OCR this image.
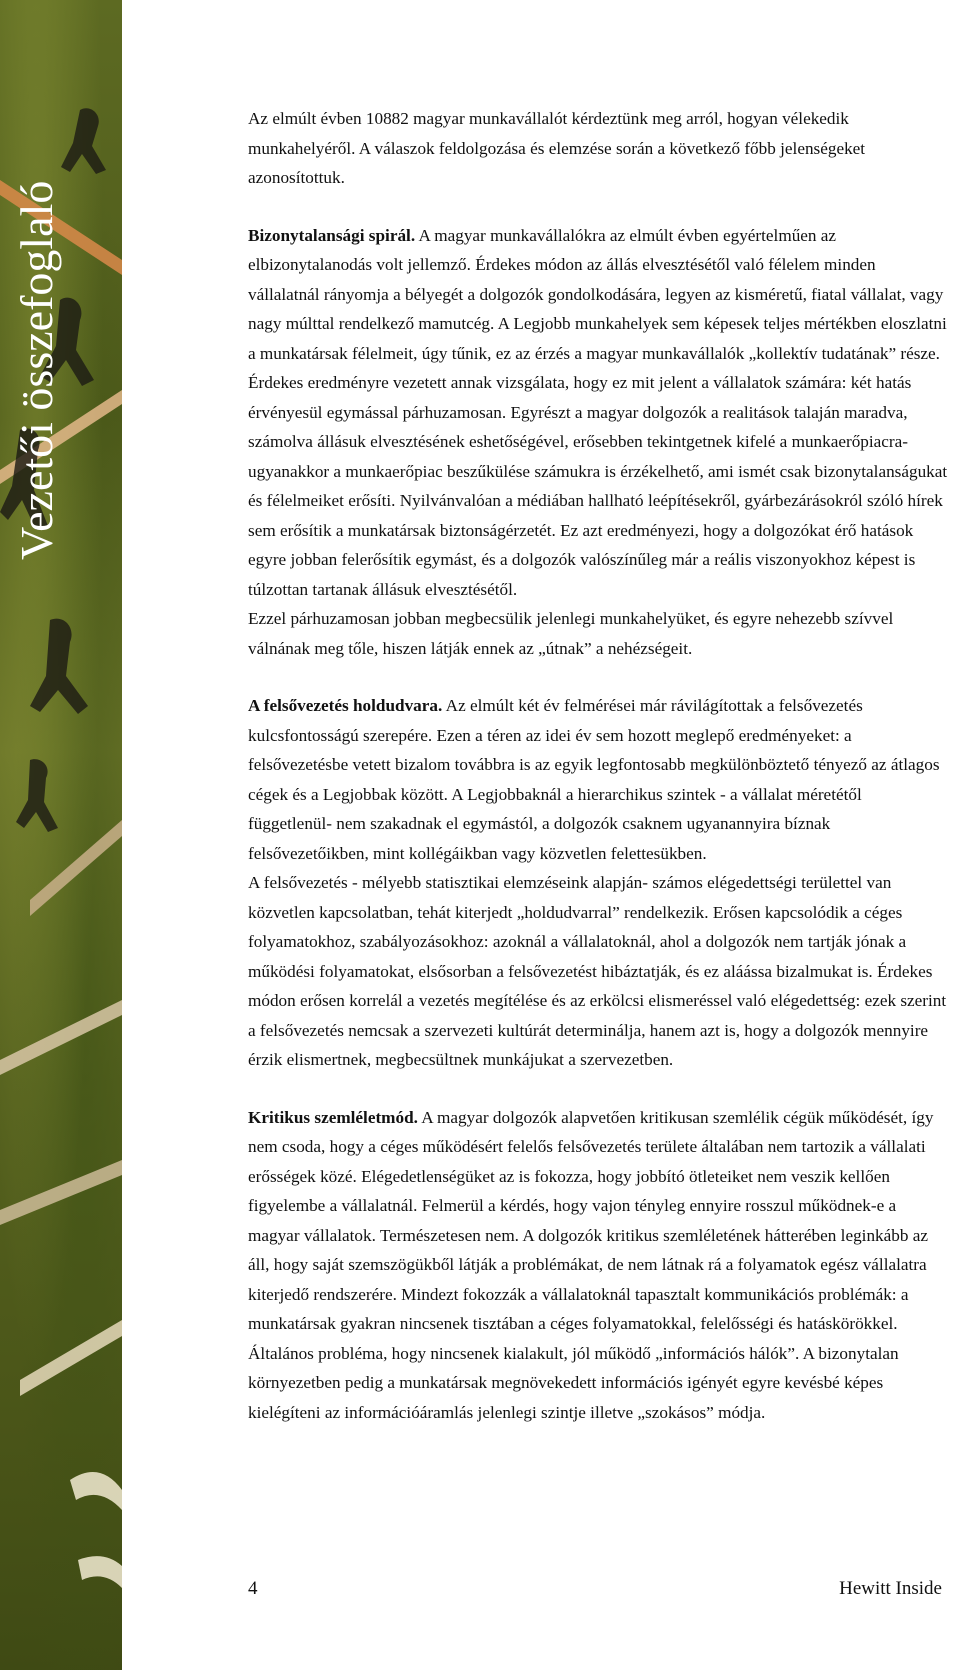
Vezetői összefoglaló

Az elmúlt évben 10882 magyar munkavállalót kérdeztünk meg arról, hogyan vélekedik munkahelyéről. A válaszok feldolgozása és elemzése során a következő főbb jelenségeket azonosítottuk.

Bizonytalansági spirál. A magyar munkavállalókra az elmúlt évben egyértelműen az elbizonytalanodás volt jellemző. Érdekes módon az állás elvesztésétől való félelem minden vállalatnál rányomja a bélyegét a dolgozók gondolkodására, legyen az kisméretű, fiatal vállalat, vagy nagy múlttal rendelkező mamutcég. A Legjobb munkahelyek sem képesek teljes mértékben eloszlatni a munkatársak félelmeit, úgy tűnik, ez az érzés a magyar munkavállalók „kollektív tudatának” része.

Érdekes eredményre vezetett annak vizsgálata, hogy ez mit jelent a vállalatok számára: két hatás érvényesül egymással párhuzamosan. Egyrészt a magyar dolgozók a realitások talaján maradva, számolva állásuk elvesztésének eshetőségével, erősebben tekintgetnek kifelé a munkaerőpiacra- ugyanakkor a munkaerőpiac beszűkülése számukra is érzékelhető, ami ismét csak bizonytalanságukat és félelmeiket erősíti. Nyilvánvalóan a médiában hallható leépítésekről, gyárbezárásokról szóló hírek sem erősítik a munkatársak biztonságérzetét. Ez azt eredményezi, hogy a dolgozókat érő hatások egyre jobban felerősítik egymást, és a dolgozók valószínűleg már a reális viszonyokhoz képest is túlzottan tartanak állásuk elvesztésétől.

Ezzel párhuzamosan jobban megbecsülik jelenlegi munkahelyüket, és egyre nehezebb szívvel válnának meg tőle, hiszen látják ennek az „útnak” a nehézségeit.

A felsővezetés holdudvara. Az elmúlt két év felmérései már rávilágítottak a felsővezetés kulcsfontosságú szerepére. Ezen a téren az idei év sem hozott meglepő eredményeket: a felsővezetésbe vetett bizalom továbbra is az egyik legfontosabb megkülönböztető tényező az átlagos cégek és a Legjobbak között. A Legjobbaknál a hierarchikus szintek - a vállalat méretétől függetlenül- nem szakadnak el egymástól, a dolgozók csaknem ugyanannyira bíznak felsővezetőikben, mint kollégáikban vagy közvetlen felettesükben.

A felsővezetés - mélyebb statisztikai elemzéseink alapján- számos elégedettségi területtel van közvetlen kapcsolatban, tehát kiterjedt „holdudvarral” rendelkezik. Erősen kapcsolódik a céges folyamatokhoz, szabályozásokhoz: azoknál a vállalatoknál, ahol a dolgozók nem tartják jónak a működési folyamatokat, elsősorban a felsővezetést hibáztatják, és ez aláássa bizalmukat is. Érdekes módon erősen korrelál a vezetés megítélése és az erkölcsi elismeréssel való elégedettség: ezek szerint a felsővezetés nemcsak a szervezeti kultúrát determinálja, hanem azt is, hogy a dolgozók mennyire érzik elismertnek, megbecsültnek munkájukat a szervezetben.

Kritikus szemléletmód. A magyar dolgozók alapvetően kritikusan szemlélik cégük működését, így nem csoda, hogy a céges működésért felelős felsővezetés területe általában nem tartozik a vállalati erősségek közé. Elégedetlenségüket az is fokozza, hogy jobbító ötleteiket nem veszik kellően figyelembe a vállalatnál. Felmerül a kérdés, hogy vajon tényleg ennyire rosszul működnek-e a magyar vállalatok. Természetesen nem. A dolgozók kritikus szemléletének hátterében leginkább az áll, hogy saját szemszögükből látják a problémákat, de nem látnak rá a folyamatok egész vállalatra kiterjedő rendszerére. Mindezt fokozzák a vállalatoknál tapasztalt kommunikációs problémák: a munkatársak gyakran nincsenek tisztában a céges folyamatokkal, felelősségi és hatáskörökkel. Általános probléma, hogy nincsenek kialakult, jól működő „információs hálók”. A bizonytalan környezetben pedig a munkatársak megnövekedett információs igényét egyre kevésbé képes kielégíteni az információáramlás jelenlegi szintje illetve „szokásos” módja.

4	Hewitt Inside
